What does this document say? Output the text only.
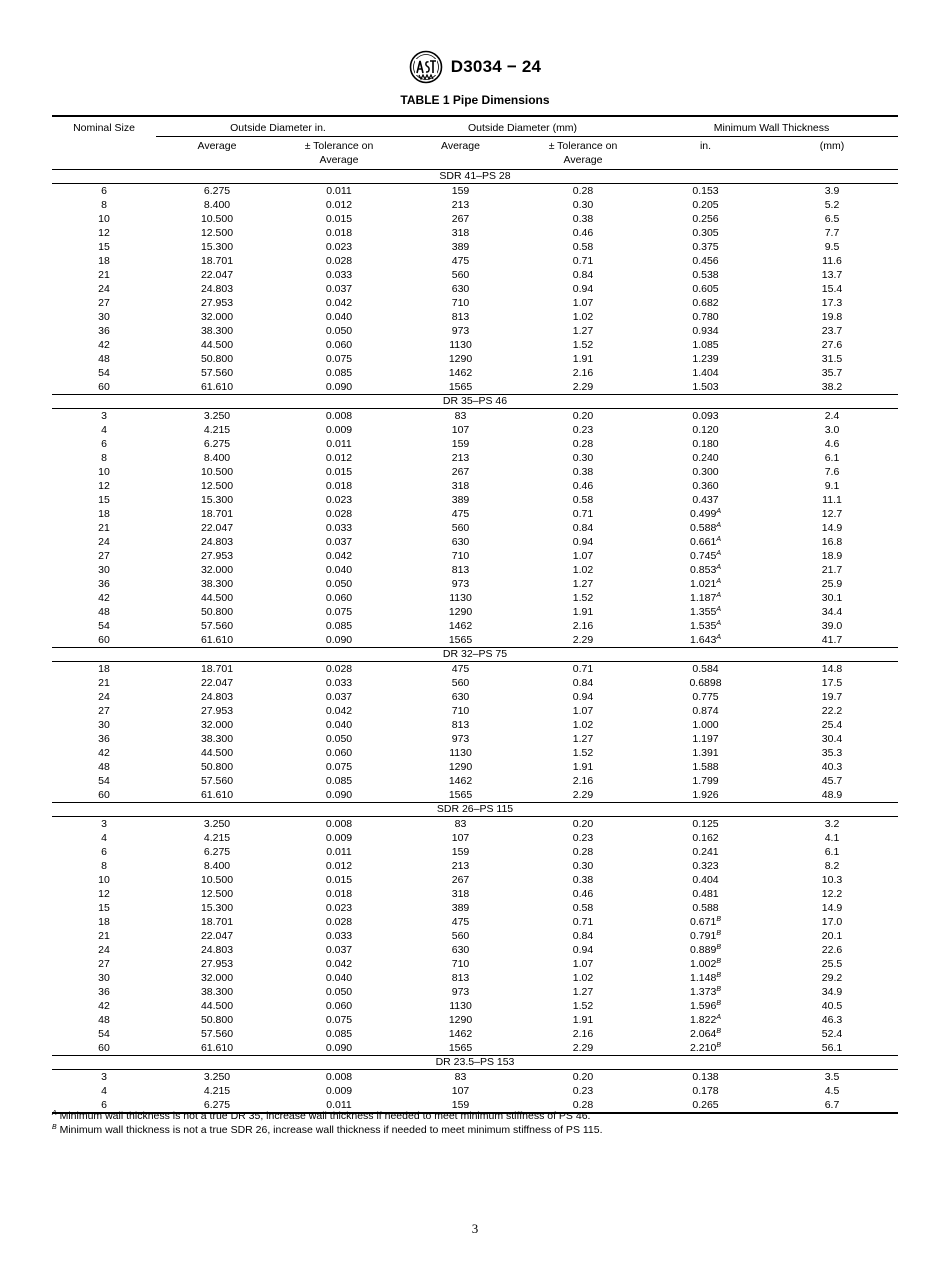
D3034 − 24
TABLE 1 Pipe Dimensions
Nominal Size	Outside Diameter in.		Outside Diameter (mm)		Minimum Wall Thickness	
	Average	± Tolerance on Average	Average	± Tolerance on Average	in.	(mm)
SDR 41–PS 28						
6	6.275	0.011	159	0.28	0.153	3.9
8	8.400	0.012	213	0.30	0.205	5.2
10	10.500	0.015	267	0.38	0.256	6.5
12	12.500	0.018	318	0.46	0.305	7.7
15	15.300	0.023	389	0.58	0.375	9.5
18	18.701	0.028	475	0.71	0.456	11.6
21	22.047	0.033	560	0.84	0.538	13.7
24	24.803	0.037	630	0.94	0.605	15.4
27	27.953	0.042	710	1.07	0.682	17.3
30	32.000	0.040	813	1.02	0.780	19.8
36	38.300	0.050	973	1.27	0.934	23.7
42	44.500	0.060	1130	1.52	1.085	27.6
48	50.800	0.075	1290	1.91	1.239	31.5
54	57.560	0.085	1462	2.16	1.404	35.7
60	61.610	0.090	1565	2.29	1.503	38.2
DR 35–PS 46						
3	3.250	0.008	83	0.20	0.093	2.4
4	4.215	0.009	107	0.23	0.120	3.0
6	6.275	0.011	159	0.28	0.180	4.6
8	8.400	0.012	213	0.30	0.240	6.1
10	10.500	0.015	267	0.38	0.300	7.6
12	12.500	0.018	318	0.46	0.360	9.1
15	15.300	0.023	389	0.58	0.437	11.1
18	18.701	0.028	475	0.71	$0.499^A$	12.7
21	22.047	0.033	560	0.84	$0.588^A$	14.9
24	24.803	0.037	630	0.94	$0.661^A$	16.8
27	27.953	0.042	710	1.07	$0.745^A$	18.9
30	32.000	0.040	813	1.02	$0.853^A$	21.7
36	38.300	0.050	973	1.27	$1.021^A$	25.9
42	44.500	0.060	1130	1.52	$1.187^A$	30.1
48	50.800	0.075	1290	1.91	$1.355^A$	34.4
54	57.560	0.085	1462	2.16	$1.535^A$	39.0
60	61.610	0.090	1565	2.29	$1.643^A$	41.7
DR 32–PS 75						
18	18.701	0.028	475	0.71	0.584	14.8
21	22.047	0.033	560	0.84	0.6898	17.5
24	24.803	0.037	630	0.94	0.775	19.7
27	27.953	0.042	710	1.07	0.874	22.2
30	32.000	0.040	813	1.02	1.000	25.4
36	38.300	0.050	973	1.27	1.197	30.4
42	44.500	0.060	1130	1.52	1.391	35.3
48	50.800	0.075	1290	1.91	1.588	40.3
54	57.560	0.085	1462	2.16	1.799	45.7
60	61.610	0.090	1565	2.29	1.926	48.9
SDR 26–PS 115						
3	3.250	0.008	83	0.20	0.125	3.2
4	4.215	0.009	107	0.23	0.162	4.1
6	6.275	0.011	159	0.28	0.241	6.1
8	8.400	0.012	213	0.30	0.323	8.2
10	10.500	0.015	267	0.38	0.404	10.3
12	12.500	0.018	318	0.46	0.481	12.2
15	15.300	0.023	389	0.58	0.588	14.9
18	18.701	0.028	475	0.71	$0.671^B$	17.0
21	22.047	0.033	560	0.84	$0.791^B$	20.1
24	24.803	0.037	630	0.94	$0.889^B$	22.6
27	27.953	0.042	710	1.07	$1.002^B$	25.5
30	32.000	0.040	813	1.02	$1.148^B$	29.2
36	38.300	0.050	973	1.27	$1.373^B$	34.9
42	44.500	0.060	1130	1.52	$1.596^B$	40.5
48	50.800	0.075	1290	1.91	$1.822^A$	46.3
54	57.560	0.085	1462	2.16	$2.064^B$	52.4
60	61.610	0.090	1565	2.29	$2.210^B$	56.1
DR 23.5–PS 153						
3	3.250	0.008	83	0.20	0.138	3.5
4	4.215	0.009	107	0.23	0.178	4.5
6	6.275	0.011	159	0.28	0.265	6.7
$^A$ Minimum wall thickness is not a true DR 35, increase wall thickness if needed to meet minimum stiffness of PS 46.
$^B$ Minimum wall thickness is not a true SDR 26, increase wall thickness if needed to meet minimum stiffness of PS 115.
3
